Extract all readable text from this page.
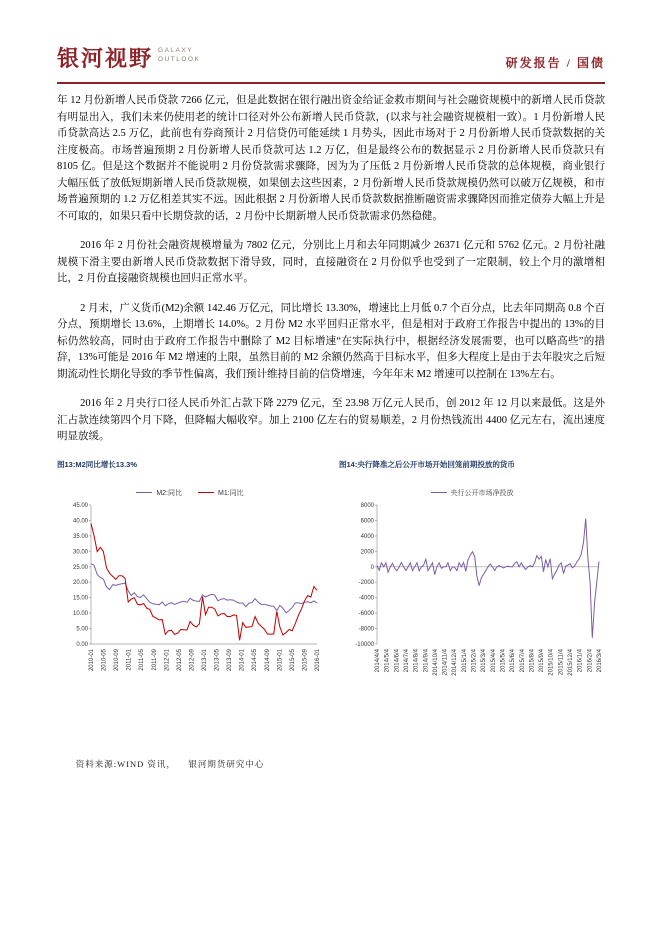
银河视野 GALAXY
OUTLOOK	研发报告 / 国债

年 12 月份新增人民币贷款 7266 亿元，但是此数据在银行融出资金给证金救市期间与社会融资规模中的新增人民币贷款有明显出入，我们未来仍使用老的统计口径对外公布新增人民币贷款，(以求与社会融资规模相一致）。1 月份新增人民币贷款高达 2.5 万亿，此前也有券商预计 2 月信贷仍可能延续 1 月势头，因此市场对于 2 月份新增人民币贷款数据的关注度极高。市场普遍预期 2 月份新增人民币贷款可达 1.2 万亿，但是最终公布的数据显示 2 月份新增人民币贷款只有 8105 亿。但是这个数据并不能说明 2 月份贷款需求骤降，因为为了压低 2 月份新增人民币贷款的总体规模，商业银行大幅压低了放低短期新增人民币贷款规模，如果刨去这些因素，2 月份新增人民币贷款规模仍然可以破万亿规模，和市场普遍预期的 1.2 万亿相差其实不远。因此根据 2 月份新增人民币贷款数据推断融资需求骤降因而推定债券大幅上升是不可取的，如果只看中长期贷款的话，2 月份中长期新增人民币贷款需求仍然稳健。

2016 年 2 月份社会融资规模增量为 7802 亿元，分别比上月和去年同期减少 26371 亿元和 5762 亿元。2 月份社融规模下滑主要由新增人民币贷款数据下滑导致，同时，直接融资在 2 月份似乎也受到了一定限制，较上个月的激增相比，2 月份直接融资规模也回归正常水平。

2 月末，广义货币(M2)余额 142.46 万亿元，同比增长 13.30%，增速比上月低 0.7 个百分点，比去年同期高 0.8 个百分点，预期增长 13.6%，上期增长 14.0%。2 月份 M2 水平回归正常水平，但是相对于政府工作报告中提出的 13%的目标仍然较高，同时由于政府工作报告中删除了 M2 目标增速“在实际执行中，根据经济发展需要，也可以略高些”的措辞，13%可能是 2016 年 M2 增速的上限，虽然目前的 M2 余额仍然高于目标水平，但多大程度上是由于去年股灾之后短期流动性长期化导致的季节性偏离，我们预计维持目前的信贷增速，今年年末 M2 增速可以控制在 13%左右。

2016 年 2 月央行口径人民币外汇占款下降 2279 亿元，至 23.98 万亿元人民币，创 2012 年 12 月以来最低。这是外汇占款连续第四个月下降，但降幅大幅收窄。加上 2100 亿左右的贸易顺差，2 月份热钱流出 4400 亿元左右，流出速度明显放缓。

图13:M2同比增长13.3%
M2:同比	M1:同比
0.00
5.00
10.00
15.00
20.00
25.00
30.00
35.00
40.00
45.00
2010-01 2010-05 2010-09 2011-01 2011-05 2011-09 2012-01 2012-05 2012-09 2013-01 2013-05 2013-09 2014-01 2014-05 2014-09 2015-01 2015-05 2015-09 2016-01
图14:央行降准之后公开市场开始回笼前期投放的货币
央行公开市场净投放
-10000
-8000
-6000
-4000
-2000
0
2000
4000
6000
8000
2014/4/4 2014/5/4 2014/6/4 2014/7/4 2014/8/4 2014/9/4 2014/10/4 2014/11/4 2014/12/4 2015/1/4 2015/2/4 2015/3/4 2015/4/4 2015/5/4 2015/6/4 2015/7/4 2015/8/4 2015/9/4 2015/10/4 2015/11/4 2015/12/4 2016/1/4 2016/2/4 2016/3/4

资料来源:WIND 资讯，    银河期货研究中心
